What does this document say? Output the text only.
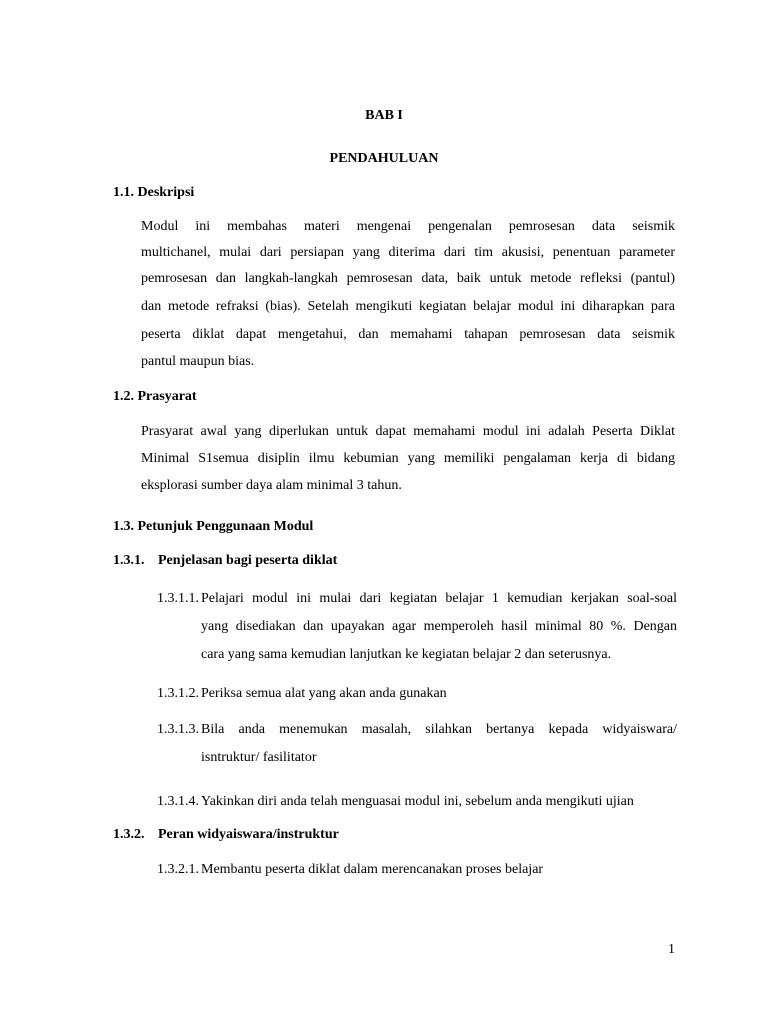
BAB I
PENDAHULUAN
1.1. Deskripsi
Modul ini membahas materi mengenai pengenalan pemrosesan data seismik
multichanel, mulai dari persiapan yang diterima dari tim akusisi, penentuan parameter
pemrosesan dan langkah-langkah pemrosesan data, baik untuk metode refleksi (pantul)
dan metode refraksi (bias). Setelah mengikuti kegiatan belajar modul ini diharapkan para
peserta diklat dapat mengetahui, dan memahami tahapan pemrosesan data seismik
pantul maupun bias.
1.2. Prasyarat
Prasyarat awal yang diperlukan untuk dapat memahami modul ini adalah Peserta Diklat
Minimal S1semua disiplin ilmu kebumian yang memiliki pengalaman kerja di bidang
eksplorasi sumber daya alam minimal 3 tahun.
1.3. Petunjuk Penggunaan Modul
1.3.1. Penjelasan bagi peserta diklat
1.3.1.1. Pelajari modul ini mulai dari kegiatan belajar 1 kemudian kerjakan soal-soal
yang disediakan dan upayakan agar memperoleh hasil minimal 80 %. Dengan
cara yang sama kemudian lanjutkan ke kegiatan belajar 2 dan seterusnya.
1.3.1.2. Periksa semua alat yang akan anda gunakan
1.3.1.3. Bila anda menemukan masalah, silahkan bertanya kepada widyaiswara/
isntruktur/ fasilitator
1.3.1.4. Yakinkan diri anda telah menguasai modul ini, sebelum anda mengikuti ujian
1.3.2. Peran widyaiswara/instruktur
1.3.2.1. Membantu peserta diklat dalam merencanakan proses belajar
1
